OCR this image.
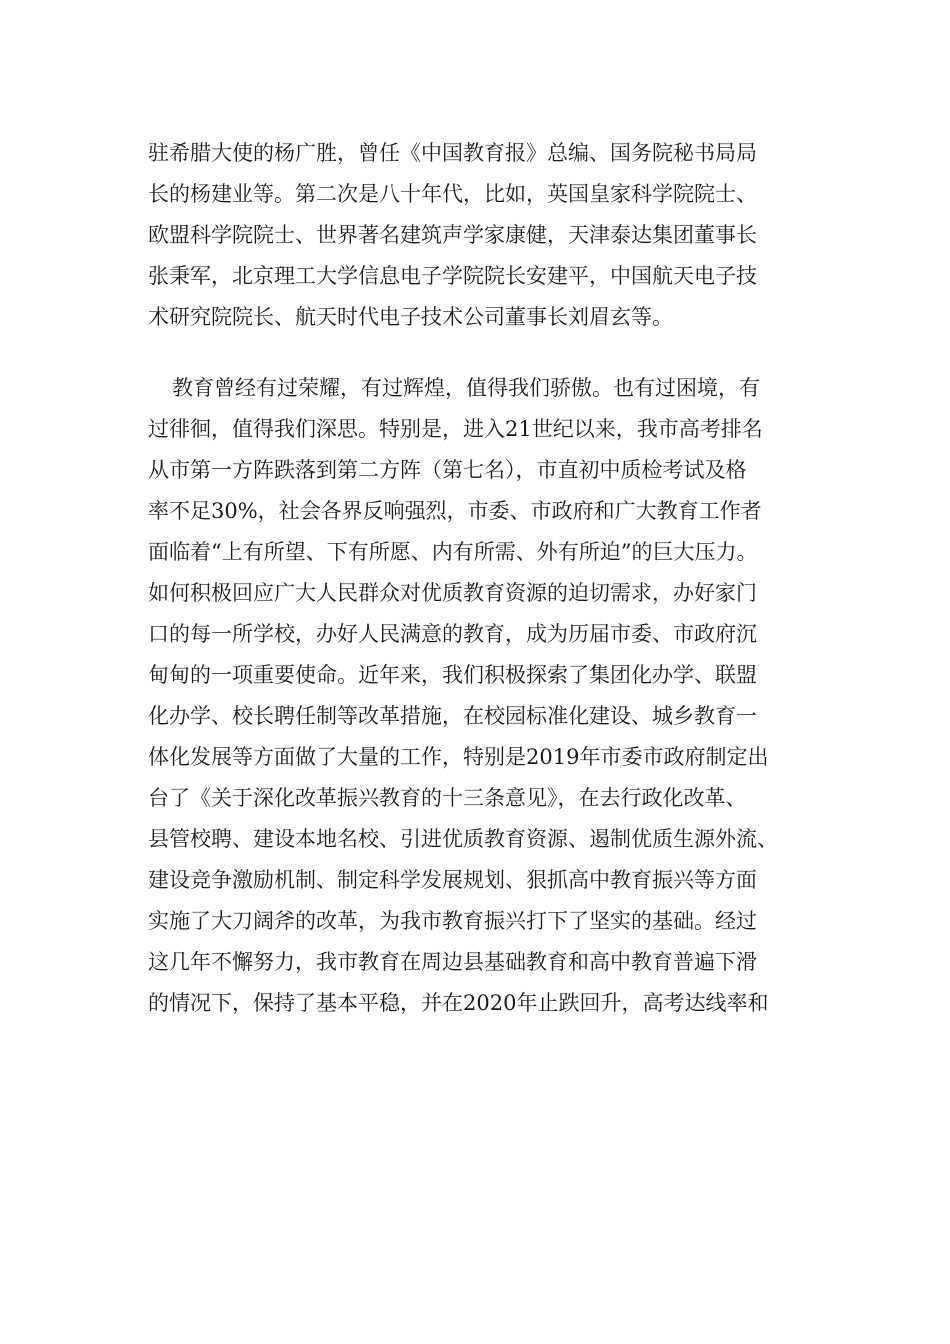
驻希腊大使的杨广胜，曾任《中国教育报》总编、国务院秘书局局
长的杨建业等。第二次是八十年代，比如，英国皇家科学院院士、
欧盟科学院院士、世界著名建筑声学家康健，天津泰达集团董事长
张秉军，北京理工大学信息电子学院院长安建平，中国航天电子技
术研究院院长、航天时代电子技术公司董事长刘眉玄等。
教育曾经有过荣耀，有过辉煌，值得我们骄傲。也有过困境，有
过徘徊，值得我们深思。特别是，进入21世纪以来，我市高考排名
从市第一方阵跌落到第二方阵（第七名），市直初中质检考试及格
率不足30%，社会各界反响强烈，市委、市政府和广大教育工作者
面临着“上有所望、下有所愿、内有所需、外有所迫”的巨大压力。
如何积极回应广大人民群众对优质教育资源的迫切需求，办好家门
口的每一所学校，办好人民满意的教育，成为历届市委、市政府沉
甸甸的一项重要使命。近年来，我们积极探索了集团化办学、联盟
化办学、校长聘任制等改革措施，在校园标准化建设、城乡教育一
体化发展等方面做了大量的工作，特别是2019年市委市政府制定出
台了《关于深化改革振兴教育的十三条意见》，在去行政化改革、
县管校聘、建设本地名校、引进优质教育资源、遏制优质生源外流、
建设竞争激励机制、制定科学发展规划、狠抓高中教育振兴等方面
实施了大刀阔斧的改革，为我市教育振兴打下了坚实的基础。经过
这几年不懈努力，我市教育在周边县基础教育和高中教育普遍下滑
的情况下，保持了基本平稳，并在2020年止跌回升，高考达线率和
